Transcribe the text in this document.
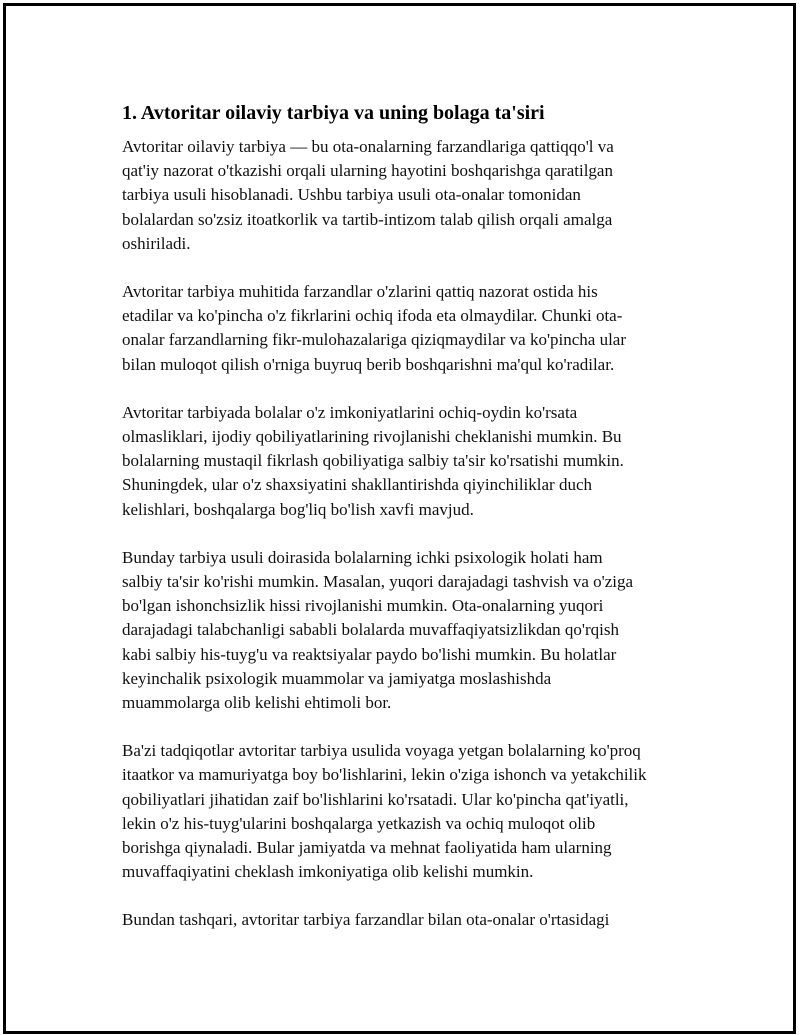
1. Avtoritar oilaviy tarbiya va uning bolaga ta'siri
Avtoritar oilaviy tarbiya — bu ota-onalarning farzandlariga qattiqqo'l va
qat'iy nazorat o'tkazishi orqali ularning hayotini boshqarishga qaratilgan
tarbiya usuli hisoblanadi. Ushbu tarbiya usuli ota-onalar tomonidan
bolalardan so'zsiz itoatkorlik va tartib-intizom talab qilish orqali amalga
oshiriladi.
Avtoritar tarbiya muhitida farzandlar o'zlarini qattiq nazorat ostida his
etadilar va ko'pincha o'z fikrlarini ochiq ifoda eta olmaydilar. Chunki ota-
onalar farzandlarning fikr-mulohazalariga qiziqmaydilar va ko'pincha ular
bilan muloqot qilish o'rniga buyruq berib boshqarishni ma'qul ko'radilar.
Avtoritar tarbiyada bolalar o'z imkoniyatlarini ochiq-oydin ko'rsata
olmasliklari, ijodiy qobiliyatlarining rivojlanishi cheklanishi mumkin. Bu
bolalarning mustaqil fikrlash qobiliyatiga salbiy ta'sir ko'rsatishi mumkin.
Shuningdek, ular o'z shaxsiyatini shakllantirishda qiyinchiliklar duch
kelishlari, boshqalarga bog'liq bo'lish xavfi mavjud.
Bunday tarbiya usuli doirasida bolalarning ichki psixologik holati ham
salbiy ta'sir ko'rishi mumkin. Masalan, yuqori darajadagi tashvish va o'ziga
bo'lgan ishonchsizlik hissi rivojlanishi mumkin. Ota-onalarning yuqori
darajadagi talabchanligi sababli bolalarda muvaffaqiyatsizlikdan qo'rqish
kabi salbiy his-tuyg'u va reaktsiyalar paydo bo'lishi mumkin. Bu holatlar
keyinchalik psixologik muammolar va jamiyatga moslashishda
muammolarga olib kelishi ehtimoli bor.
Ba'zi tadqiqotlar avtoritar tarbiya usulida voyaga yetgan bolalarning ko'proq
itaatkor va mamuriyatga boy bo'lishlarini, lekin o'ziga ishonch va yetakchilik
qobiliyatlari jihatidan zaif bo'lishlarini ko'rsatadi. Ular ko'pincha qat'iyatli,
lekin o'z his-tuyg'ularini boshqalarga yetkazish va ochiq muloqot olib
borishga qiynaladi. Bular jamiyatda va mehnat faoliyatida ham ularning
muvaffaqiyatini cheklash imkoniyatiga olib kelishi mumkin.
Bundan tashqari, avtoritar tarbiya farzandlar bilan ota-onalar o'rtasidagi
